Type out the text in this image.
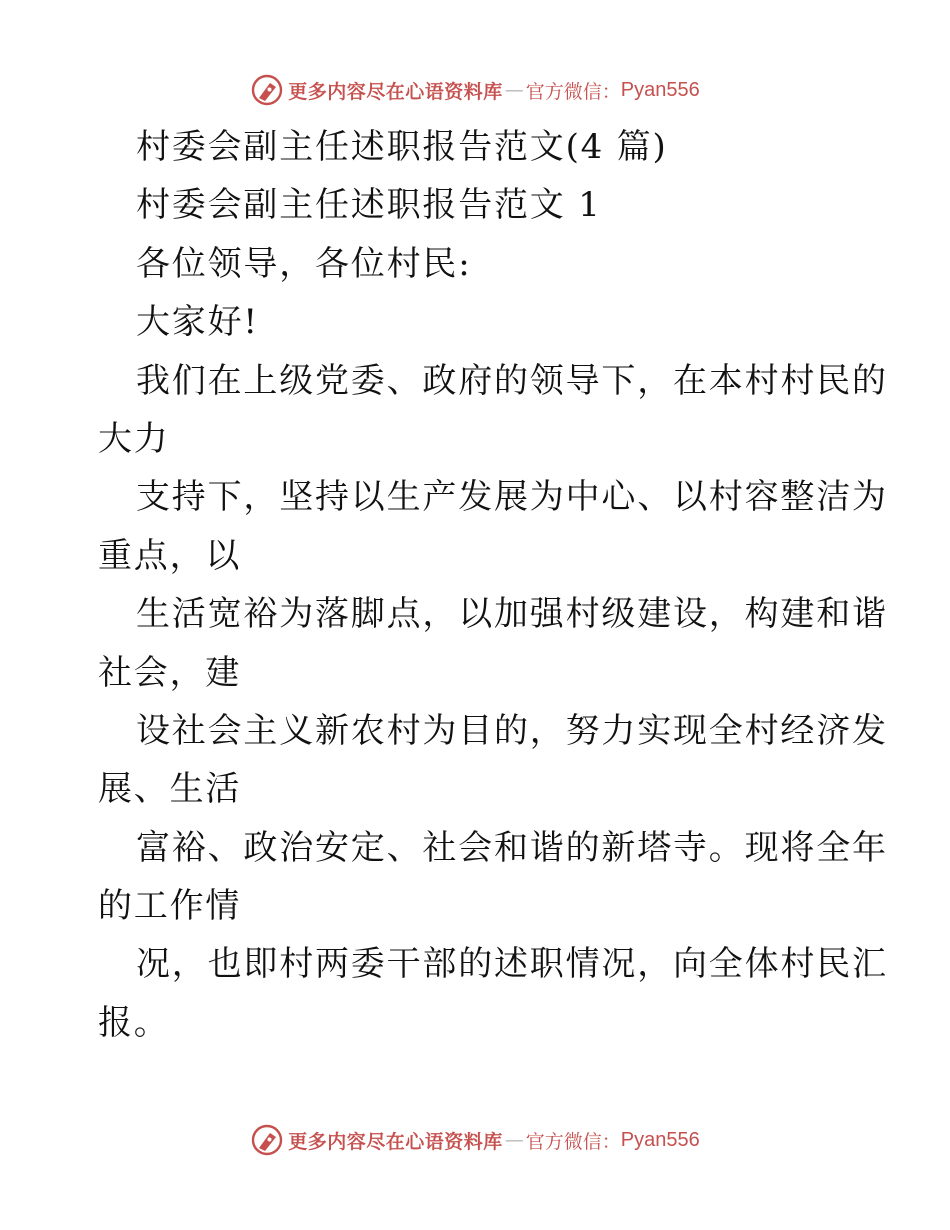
更多内容尽在心语资料库 — 官方微信： Pyan556
村委会副主任述职报告范文(4 篇)
村委会副主任述职报告范文 1
各位领导，各位村民:
大家好!
我们在上级党委、政府的领导下，在本村村民的
大力
支持下，坚持以生产发展为中心、以村容整洁为
重点，以
生活宽裕为落脚点，以加强村级建设，构建和谐
社会，建
设社会主义新农村为目的，努力实现全村经济发
展、生活
富裕、政治安定、社会和谐的新塔寺。现将全年
的工作情
况，也即村两委干部的述职情况，向全体村民汇
报。
更多内容尽在心语资料库 — 官方微信： Pyan556
